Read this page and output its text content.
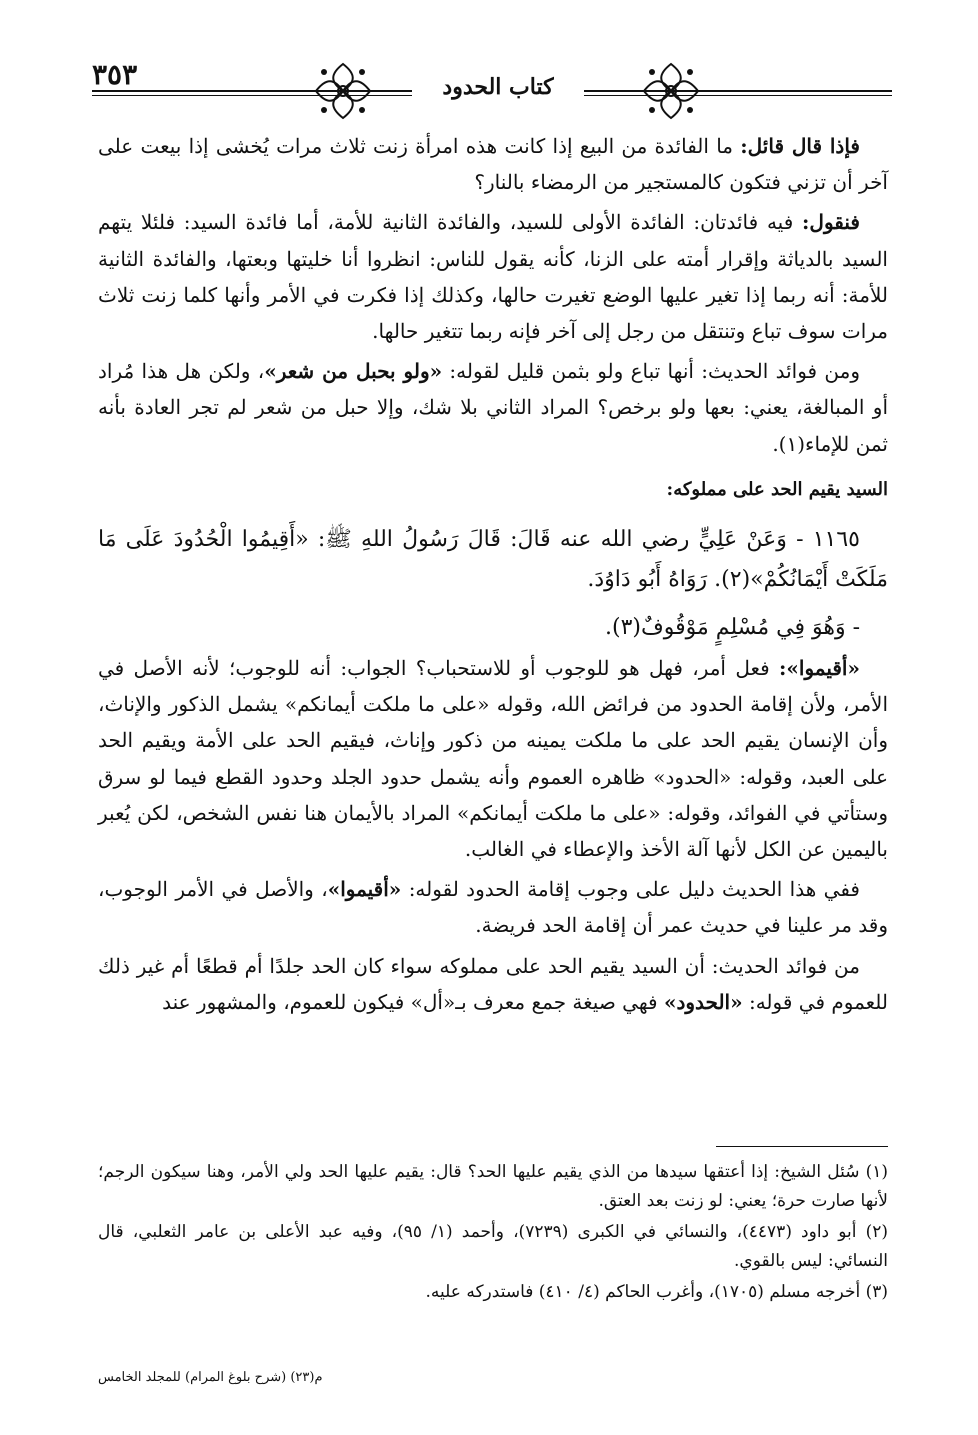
٣٥٣	كتاب الحدود

فإذا قال قائل: ما الفائدة من البيع إذا كانت هذه امرأة زنت ثلاث مرات يُخشى إذا بيعت على آخر أن تزني فتكون كالمستجير من الرمضاء بالنار؟

فنقول: فيه فائدتان: الفائدة الأولى للسيد، والفائدة الثانية للأمة، أما فائدة السيد: فلئلا يتهم السيد بالدياثة وإقرار أمته على الزنا، كأنه يقول للناس: انظروا أنا خليتها وبعتها، والفائدة الثانية للأمة: أنه ربما إذا تغير عليها الوضع تغيرت حالها، وكذلك إذا فكرت في الأمر وأنها كلما زنت ثلاث مرات سوف تباع وتنتقل من رجل إلى آخر فإنه ربما تتغير حالها.

ومن فوائد الحديث: أنها تباع ولو بثمن قليل لقوله: «ولو بحبل من شعر»، ولكن هل هذا مُراد أو المبالغة، يعني: بعها ولو برخص؟ المراد الثاني بلا شك، وإلا حبل من شعر لم تجر العادة بأنه ثمن للإماء(١).

السيد يقيم الحد على مملوكه:

١١٦٥ - وَعَنْ عَلِيٍّ رضي الله عنه قَالَ: قَالَ رَسُولُ اللهِ ﷺ: «أَقِيمُوا الْحُدُودَ عَلَى مَا مَلَكَتْ أَيْمَانُكُمْ»(٢). رَوَاهُ أَبُو دَاوُدَ.

- وَهُوَ فِي مُسْلِمٍ مَوْقُوفٌ(٣).

«أقيموا»: فعل أمر، فهل هو للوجوب أو للاستحباب؟ الجواب: أنه للوجوب؛ لأنه الأصل في الأمر، ولأن إقامة الحدود من فرائض الله، وقوله «على ما ملكت أيمانكم» يشمل الذكور والإناث، وأن الإنسان يقيم الحد على ما ملكت يمينه من ذكور وإناث، فيقيم الحد على الأمة ويقيم الحد على العبد، وقوله: «الحدود» ظاهره العموم وأنه يشمل حدود الجلد وحدود القطع فيما لو سرق وستأتي في الفوائد، وقوله: «على ما ملكت أيمانكم» المراد بالأيمان هنا نفس الشخص، لكن يُعبر باليمين عن الكل لأنها آلة الأخذ والإعطاء في الغالب.

ففي هذا الحديث دليل على وجوب إقامة الحدود لقوله: «أقيموا»، والأصل في الأمر الوجوب، وقد مر علينا في حديث عمر أن إقامة الحد فريضة.

من فوائد الحديث: أن السيد يقيم الحد على مملوكه سواء كان الحد جلدًا أم قطعًا أم غير ذلك للعموم في قوله: «الحدود» فهي صيغة جمع معرف بـ«أل» فيكون للعموم، والمشهور عند

(١) سُئل الشيخ: إذا أعتقها سيدها من الذي يقيم عليها الحد؟ قال: يقيم عليها الحد ولي الأمر، وهنا سيكون الرجم؛ لأنها صارت حرة؛ يعني: لو زنت بعد العتق.

(٢) أبو داود (٤٤٧٣)، والنسائي في الكبرى (٧٢٣٩)، وأحمد (١/ ٩٥)، وفيه عبد الأعلى بن عامر الثعلبي، قال النسائي: ليس بالقوي.

(٣) أخرجه مسلم (١٧٠٥)، وأغرب الحاكم (٤/ ٤١٠) فاستدركه عليه.

م(٢٣) (شرح بلوغ المرام) للمجلد الخامس
